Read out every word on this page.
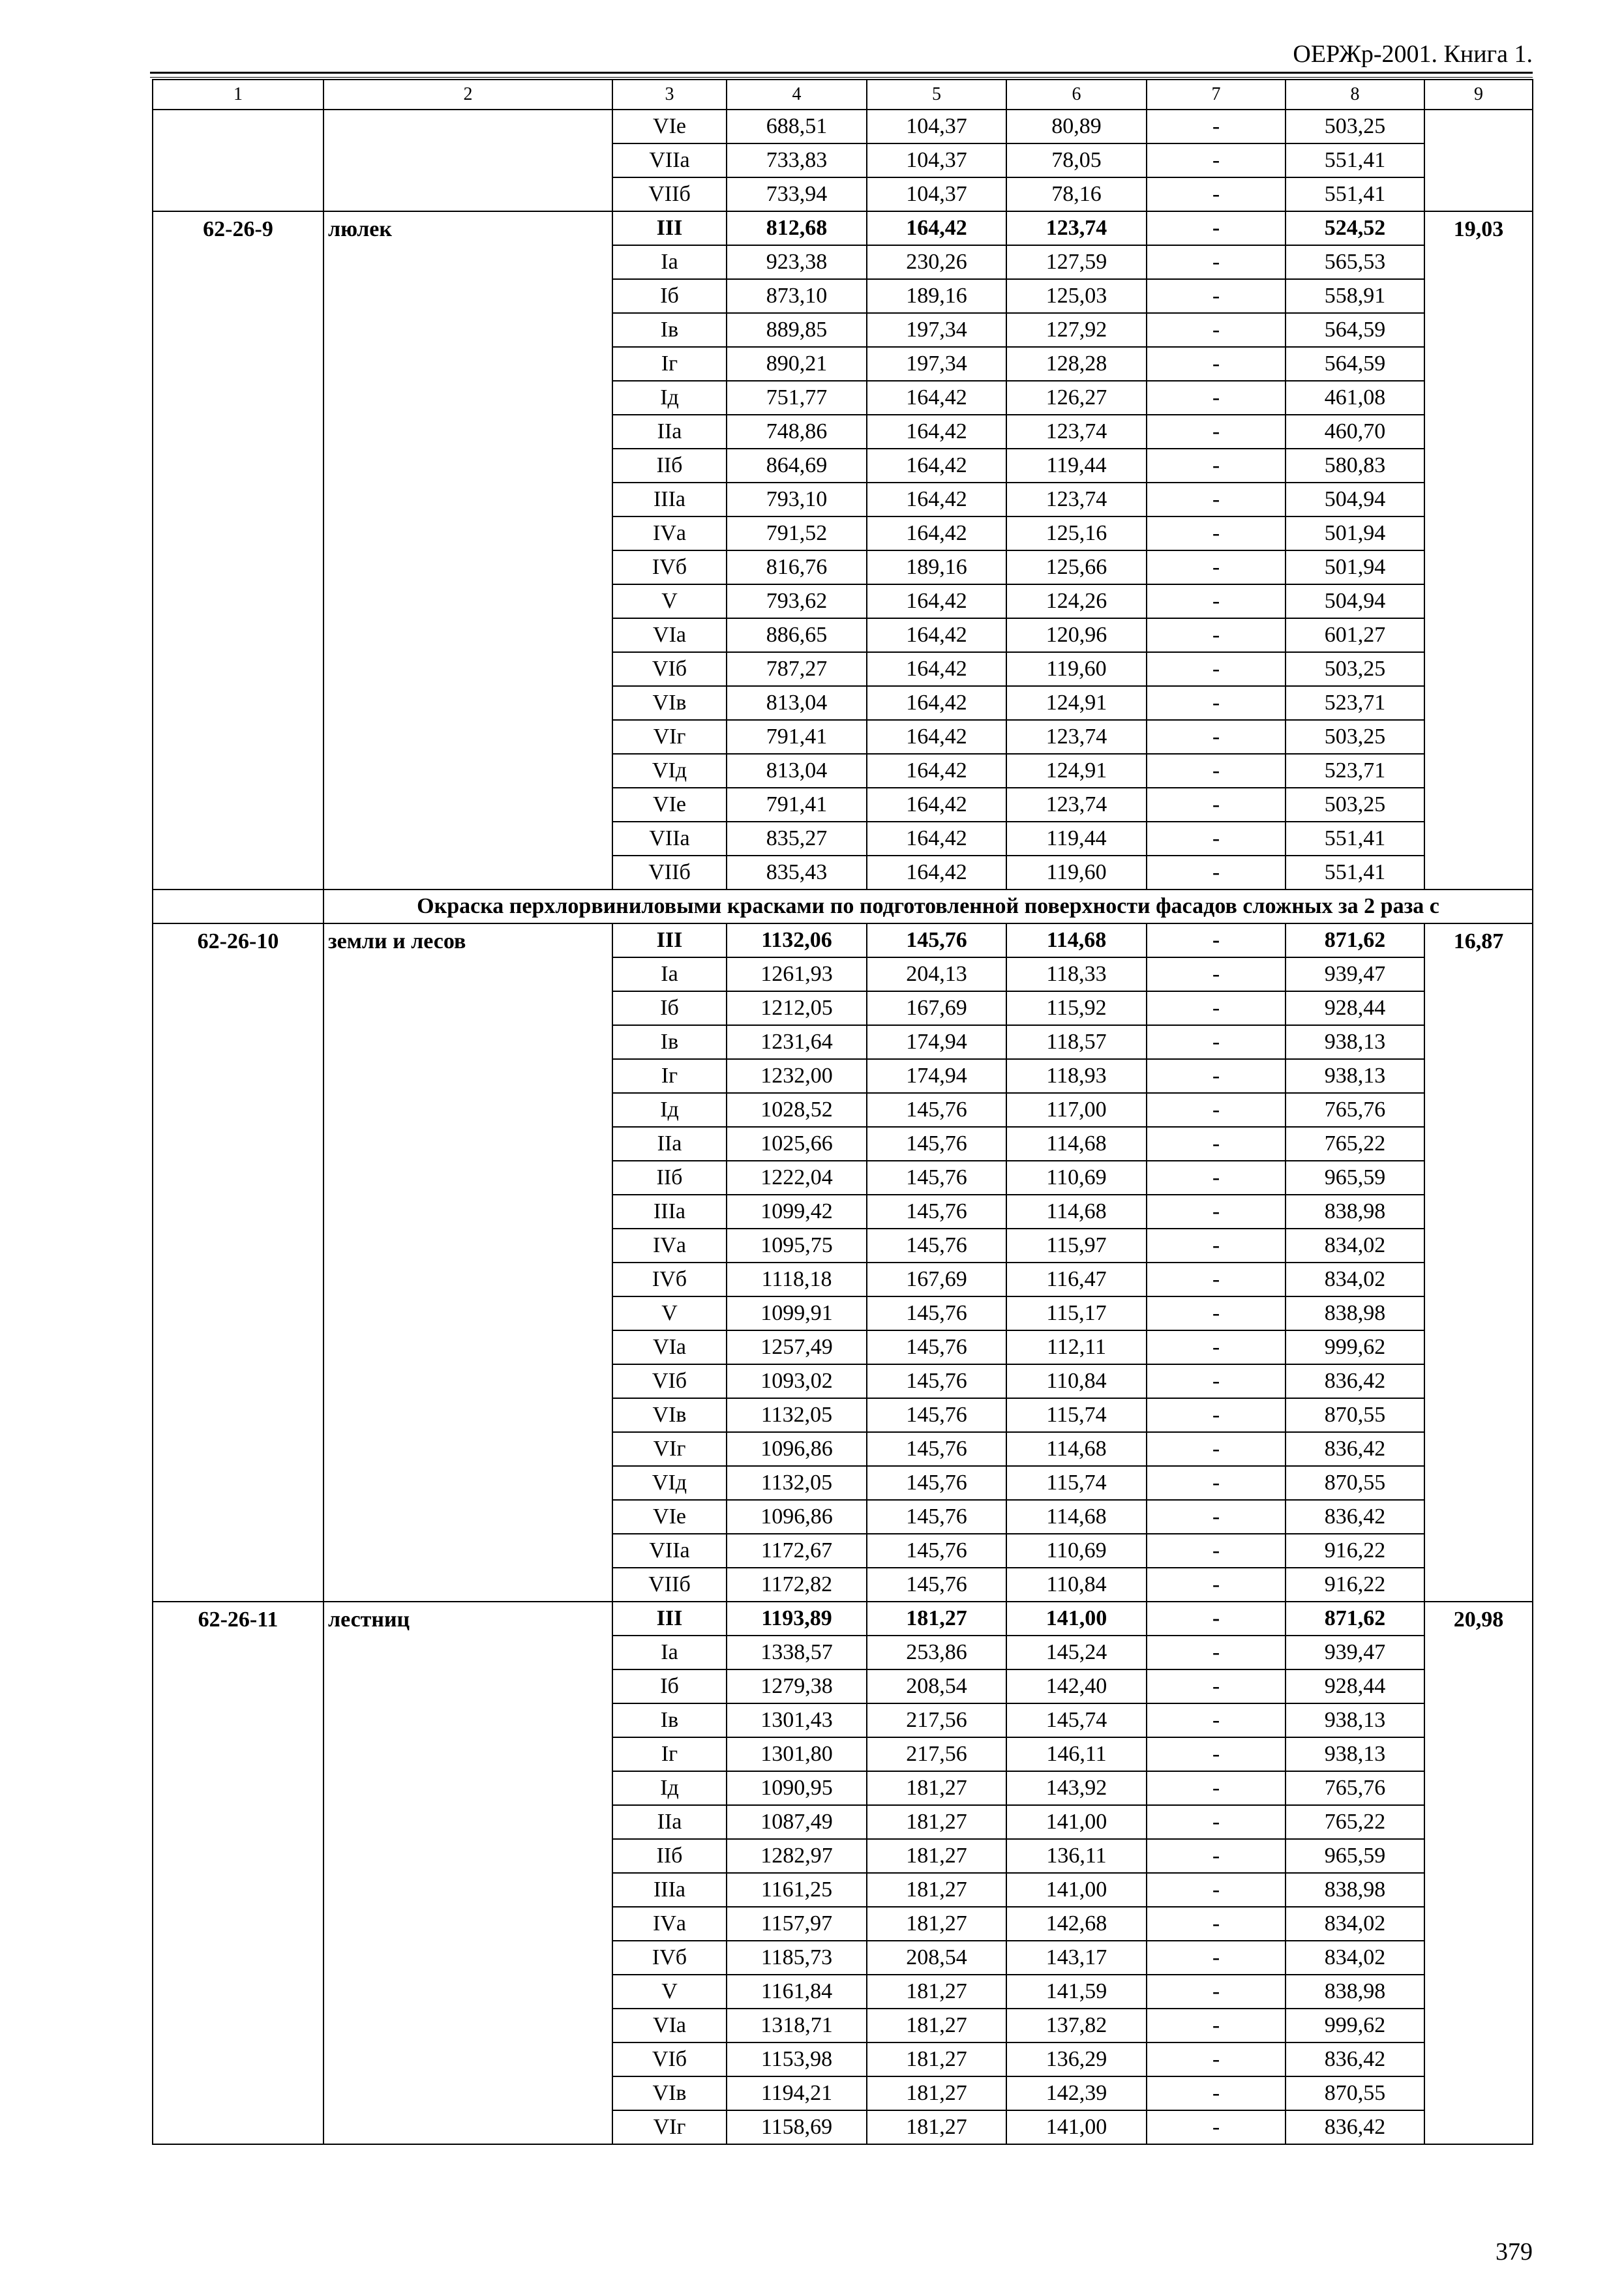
ОЕРЖр-2001. Книга 1.
1	2	3	4	5	6	7	8	9
		VIе	688,51	104,37	80,89	-	503,25	
		VIIа	733,83	104,37	78,05	-	551,41	
		VIIб	733,94	104,37	78,16	-	551,41	
62-26-9	люлек	III	812,68	164,42	123,74	-	524,52	19,03
		Iа	923,38	230,26	127,59	-	565,53	
		Iб	873,10	189,16	125,03	-	558,91	
		Iв	889,85	197,34	127,92	-	564,59	
		Iг	890,21	197,34	128,28	-	564,59	
		Iд	751,77	164,42	126,27	-	461,08	
		IIа	748,86	164,42	123,74	-	460,70	
		IIб	864,69	164,42	119,44	-	580,83	
		IIIа	793,10	164,42	123,74	-	504,94	
		IVа	791,52	164,42	125,16	-	501,94	
		IVб	816,76	189,16	125,66	-	501,94	
		V	793,62	164,42	124,26	-	504,94	
		VIа	886,65	164,42	120,96	-	601,27	
		VIб	787,27	164,42	119,60	-	503,25	
		VIв	813,04	164,42	124,91	-	523,71	
		VIг	791,41	164,42	123,74	-	503,25	
		VIд	813,04	164,42	124,91	-	523,71	
		VIе	791,41	164,42	123,74	-	503,25	
		VIIа	835,27	164,42	119,44	-	551,41	
		VIIб	835,43	164,42	119,60	-	551,41	
	Окраска перхлорвиниловыми красками по подготовленной поверхности фасадов сложных за 2 раза с							
62-26-10	земли и лесов	III	1132,06	145,76	114,68	-	871,62	16,87
		Iа	1261,93	204,13	118,33	-	939,47	
		Iб	1212,05	167,69	115,92	-	928,44	
		Iв	1231,64	174,94	118,57	-	938,13	
		Iг	1232,00	174,94	118,93	-	938,13	
		Iд	1028,52	145,76	117,00	-	765,76	
		IIа	1025,66	145,76	114,68	-	765,22	
		IIб	1222,04	145,76	110,69	-	965,59	
		IIIа	1099,42	145,76	114,68	-	838,98	
		IVа	1095,75	145,76	115,97	-	834,02	
		IVб	1118,18	167,69	116,47	-	834,02	
		V	1099,91	145,76	115,17	-	838,98	
		VIа	1257,49	145,76	112,11	-	999,62	
		VIб	1093,02	145,76	110,84	-	836,42	
		VIв	1132,05	145,76	115,74	-	870,55	
		VIг	1096,86	145,76	114,68	-	836,42	
		VIд	1132,05	145,76	115,74	-	870,55	
		VIе	1096,86	145,76	114,68	-	836,42	
		VIIа	1172,67	145,76	110,69	-	916,22	
		VIIб	1172,82	145,76	110,84	-	916,22	
62-26-11	лестниц	III	1193,89	181,27	141,00	-	871,62	20,98
		Iа	1338,57	253,86	145,24	-	939,47	
		Iб	1279,38	208,54	142,40	-	928,44	
		Iв	1301,43	217,56	145,74	-	938,13	
		Iг	1301,80	217,56	146,11	-	938,13	
		Iд	1090,95	181,27	143,92	-	765,76	
		IIа	1087,49	181,27	141,00	-	765,22	
		IIб	1282,97	181,27	136,11	-	965,59	
		IIIа	1161,25	181,27	141,00	-	838,98	
		IVа	1157,97	181,27	142,68	-	834,02	
		IVб	1185,73	208,54	143,17	-	834,02	
		V	1161,84	181,27	141,59	-	838,98	
		VIа	1318,71	181,27	137,82	-	999,62	
		VIб	1153,98	181,27	136,29	-	836,42	
		VIв	1194,21	181,27	142,39	-	870,55	
		VIг	1158,69	181,27	141,00	-	836,42	
379
